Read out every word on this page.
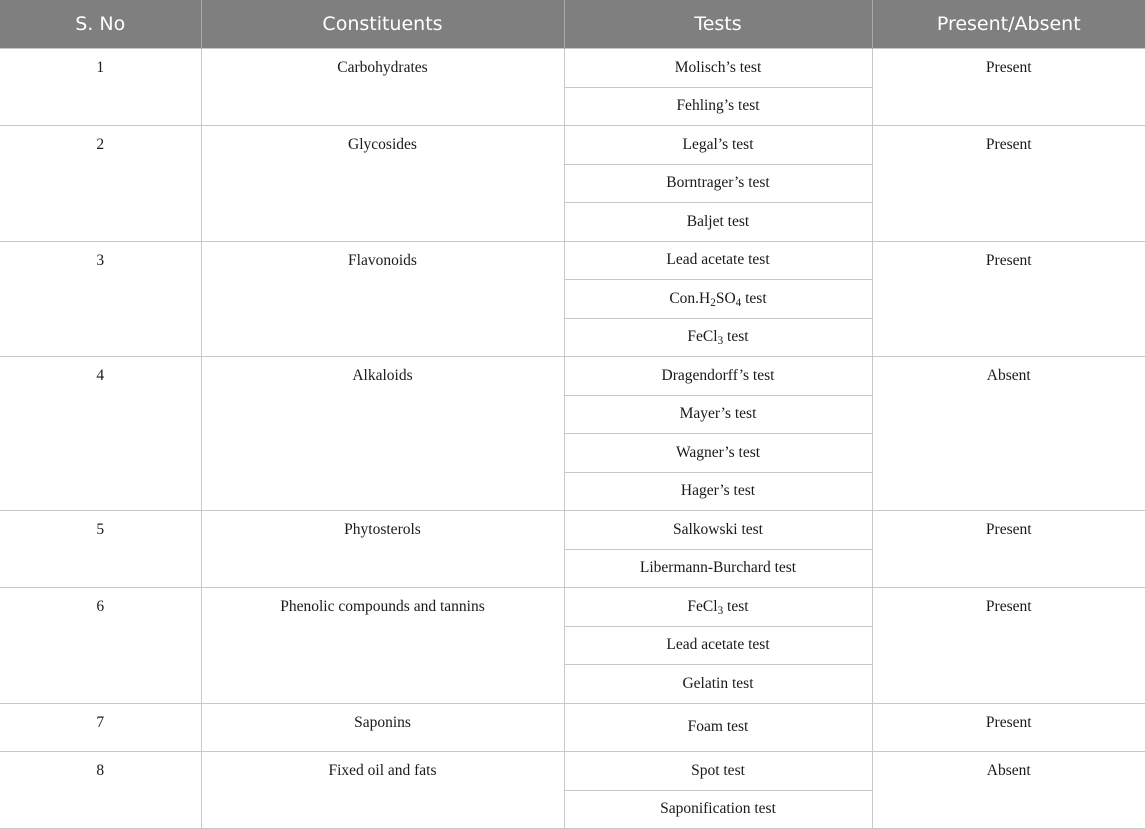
S. No	Constituents	Tests	Present/Absent
1	Carbohydrates	Molisch’s test	Present
		Fehling’s test	
2	Glycosides	Legal’s test	Present
		Borntrager’s test	
		Baljet test	
3	Flavonoids	Lead acetate test	Present
		$Con.H_2SO_4$ test	
		FeCl$_3$ test	
4	Alkaloids	Dragendorff’s test	Absent
		Mayer’s test	
		Wagner’s test	
		Hager’s test	
5	Phytosterols	Salkowski test	Present
		Libermann-Burchard test	
6	Phenolic compounds and tannins	FeCl$_3$ test	Present
		Lead acetate test	
		Gelatin test	
7	Saponins	Foam test	Present
8	Fixed oil and fats	Spot test	Absent
		Saponification test	
